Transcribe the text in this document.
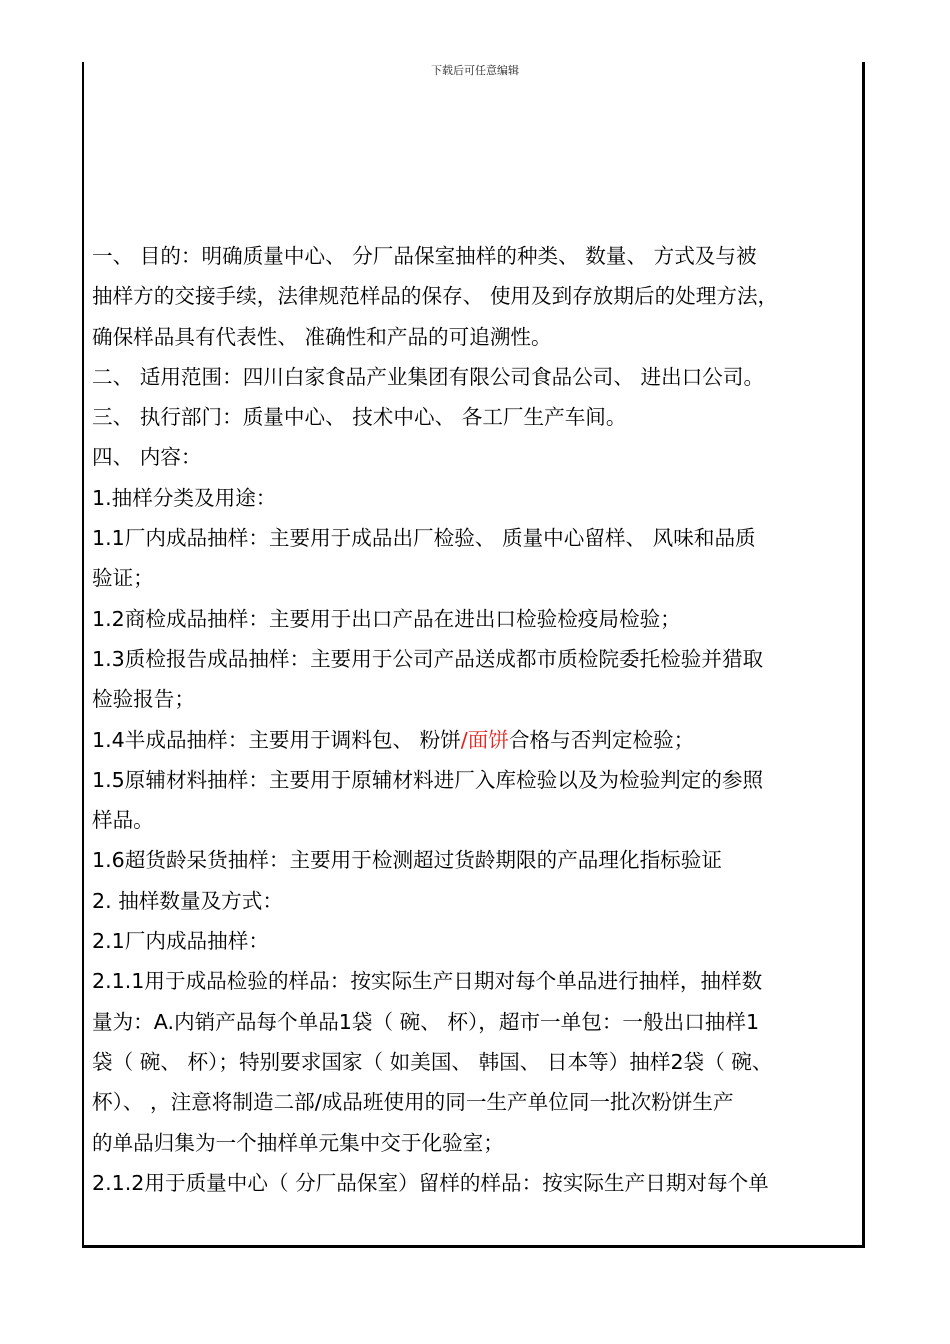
下载后可任意编辑
一、 目的：明确质量中心、 分厂品保室抽样的种类、 数量、 方式及与被
抽样方的交接手续，法律规范样品的保存、 使用及到存放期后的处理方法，
确保样品具有代表性、 准确性和产品的可追溯性。
二、 适用范围：四川白家食品产业集团有限公司食品公司、 进出口公司。
三、 执行部门：质量中心、 技术中心、 各工厂生产车间。
四、 内容：
1.抽样分类及用途：
1.1厂内成品抽样：主要用于成品出厂检验、 质量中心留样、 风味和品质
验证；
1.2商检成品抽样：主要用于出口产品在进出口检验检疫局检验；
1.3质检报告成品抽样：主要用于公司产品送成都市质检院委托检验并猎取
检验报告；
1.4半成品抽样：主要用于调料包、 粉饼/面饼合格与否判定检验；
1.5原辅材料抽样：主要用于原辅材料进厂入库检验以及为检验判定的参照
样品。
1.6超货龄呆货抽样：主要用于检测超过货龄期限的产品理化指标验证
2. 抽样数量及方式：
2.1厂内成品抽样：
2.1.1用于成品检验的样品：按实际生产日期对每个单品进行抽样，抽样数
量为：A.内销产品每个单品1袋（ 碗、 杯），超市一单包：一般出口抽样1
袋（ 碗、 杯）；特别要求国家（ 如美国、 韩国、 日本等）抽样2袋（ 碗、
杯）、 ，注意将制造二部/成品班使用的同一生产单位同一批次粉饼生产
的单品归集为一个抽样单元集中交于化验室；
2.1.2用于质量中心（ 分厂品保室）留样的样品：按实际生产日期对每个单
